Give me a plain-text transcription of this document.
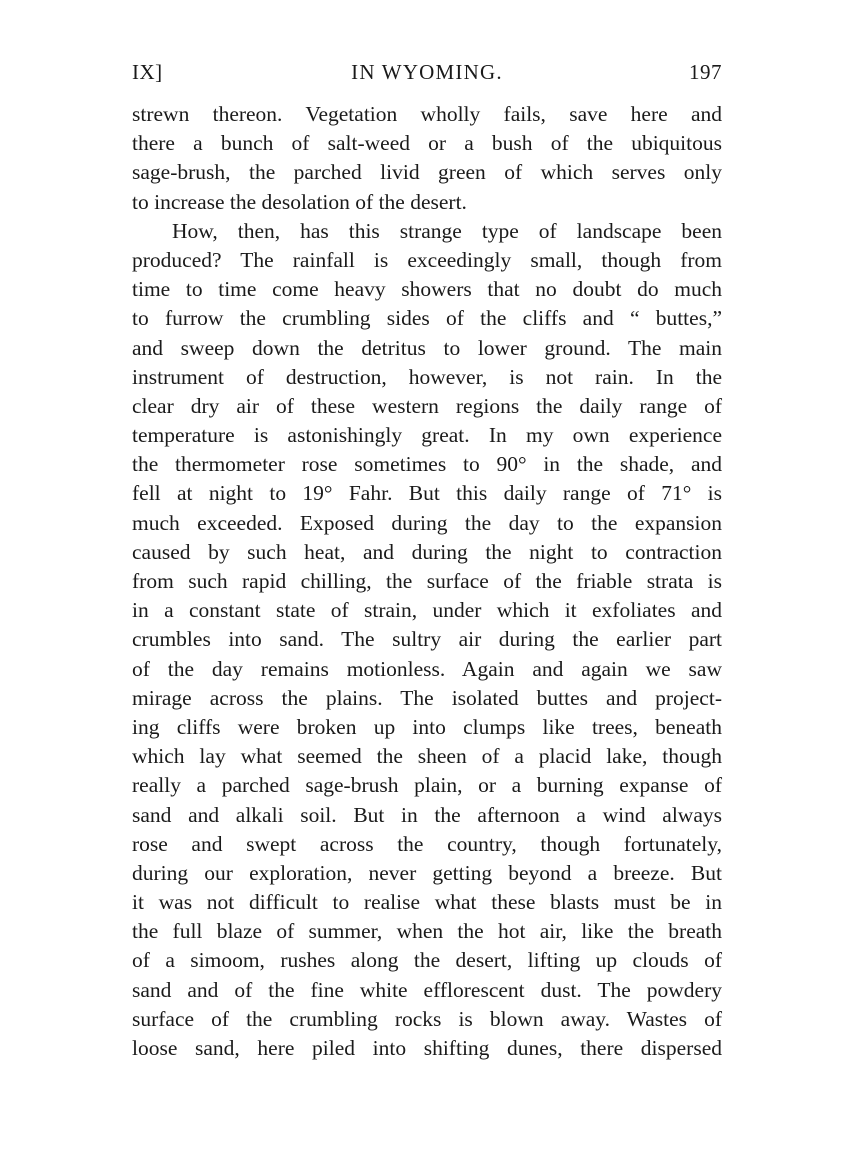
IX]	IN WYOMING.	197
strewn thereon. Vegetation wholly fails, save here and
there a bunch of salt-weed or a bush of the ubiquitous
sage-brush, the parched livid green of which serves only
to increase the desolation of the desert.
How, then, has this strange type of landscape been
produced? The rainfall is exceedingly small, though from
time to time come heavy showers that no doubt do much
to furrow the crumbling sides of the cliffs and “ buttes,”
and sweep down the detritus to lower ground. The main
instrument of destruction, however, is not rain. In the
clear dry air of these western regions the daily range of
temperature is astonishingly great. In my own experience
the thermometer rose sometimes to 90° in the shade, and
fell at night to 19° Fahr. But this daily range of 71° is
much exceeded. Exposed during the day to the expansion
caused by such heat, and during the night to contraction
from such rapid chilling, the surface of the friable strata is
in a constant state of strain, under which it exfoliates and
crumbles into sand. The sultry air during the earlier part
of the day remains motionless. Again and again we saw
mirage across the plains. The isolated buttes and project-
ing cliffs were broken up into clumps like trees, beneath
which lay what seemed the sheen of a placid lake, though
really a parched sage-brush plain, or a burning expanse of
sand and alkali soil. But in the afternoon a wind always
rose and swept across the country, though fortunately,
during our exploration, never getting beyond a breeze. But
it was not difficult to realise what these blasts must be in
the full blaze of summer, when the hot air, like the breath
of a simoom, rushes along the desert, lifting up clouds of
sand and of the fine white efflorescent dust. The powdery
surface of the crumbling rocks is blown away. Wastes of
loose sand, here piled into shifting dunes, there dispersed
